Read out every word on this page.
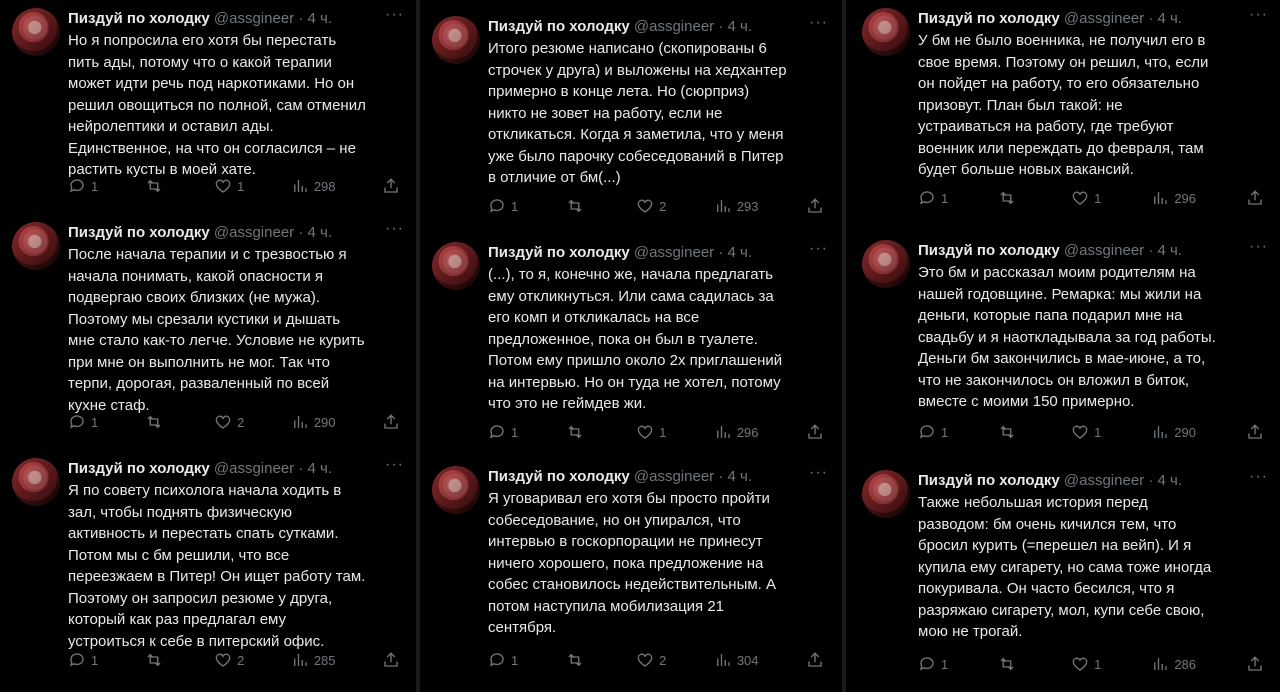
Пиздуй по холодку @assgineer · 4 ч.	···
Но я попросила его хотя бы перестать
пить ады, потому что о какой терапии
может идти речь под наркотиками. Но он
решил овощиться по полной, сам отменил
нейролептики и оставил ады.
Единственное, на что он согласился – не
растить кусты в моей хате.
1	1	298
Пиздуй по холодку @assgineer · 4 ч.	···
После начала терапии и с трезвостью я
начала понимать, какой опасности я
подвергаю своих близких (не мужа).
Поэтому мы срезали кустики и дышать
мне стало как-то легче. Условие не курить
при мне он выполнить не мог. Так что
терпи, дорогая, разваленный по всей
кухне стаф.
1	2	290
Пиздуй по холодку @assgineer · 4 ч.	···
Я по совету психолога начала ходить в
зал, чтобы поднять физическую
активность и перестать спать сутками.
Потом мы с бм решили, что все
переезжаем в Питер! Он ищет работу там.
Поэтому он запросил резюме у друга,
который как раз предлагал ему
устроиться к себе в питерский офис.
1	2	285
Пиздуй по холодку @assgineer · 4 ч.	···
Итого резюме написано (скопированы 6
строчек у друга) и выложены на хедхантер
примерно в конце лета. Но (сюрприз)
никто не зовет на работу, если не
откликаться. Когда я заметила, что у меня
уже было парочку собеседований в Питер
в отличие от бм(...)
1	2	293
Пиздуй по холодку @assgineer · 4 ч.	···
(...), то я, конечно же, начала предлагать
ему откликнуться. Или сама садилась за
его комп и откликалась на все
предложенное, пока он был в туалете.
Потом ему пришло около 2х приглашений
на интервью. Но он туда не хотел, потому
что это не геймдев жи.
1	1	296
Пиздуй по холодку @assgineer · 4 ч.	···
Я уговаривал его хотя бы просто пройти
собеседование, но он упирался, что
интервью в госкорпорации не принесут
ничего хорошего, пока предложение на
собес становилось недействительным. А
потом наступила мобилизация 21
сентября.
1	2	304
Пиздуй по холодку @assgineer · 4 ч.	···
У бм не было военника, не получил его в
свое время. Поэтому он решил, что, если
он пойдет на работу, то его обязательно
призовут. План был такой: не
устраиваться на работу, где требуют
военник или переждать до февраля, там
будет больше новых вакансий.
1	1	296
Пиздуй по холодку @assgineer · 4 ч.	···
Это бм и рассказал моим родителям на
нашей годовщине. Ремарка: мы жили на
деньги, которые папа подарил мне на
свадьбу и я наоткладывала за год работы.
Деньги бм закончились в мае-июне, а то,
что не закончилось он вложил в биток,
вместе с моими 150 примерно.
1	1	290
Пиздуй по холодку @assgineer · 4 ч.	···
Также небольшая история перед
разводом: бм очень кичился тем, что
бросил курить (=перешел на вейп). И я
купила ему сигарету, но сама тоже иногда
покуривала. Он часто бесился, что я
разряжаю сигарету, мол, купи себе свою,
мою не трогай.
1	1	286
